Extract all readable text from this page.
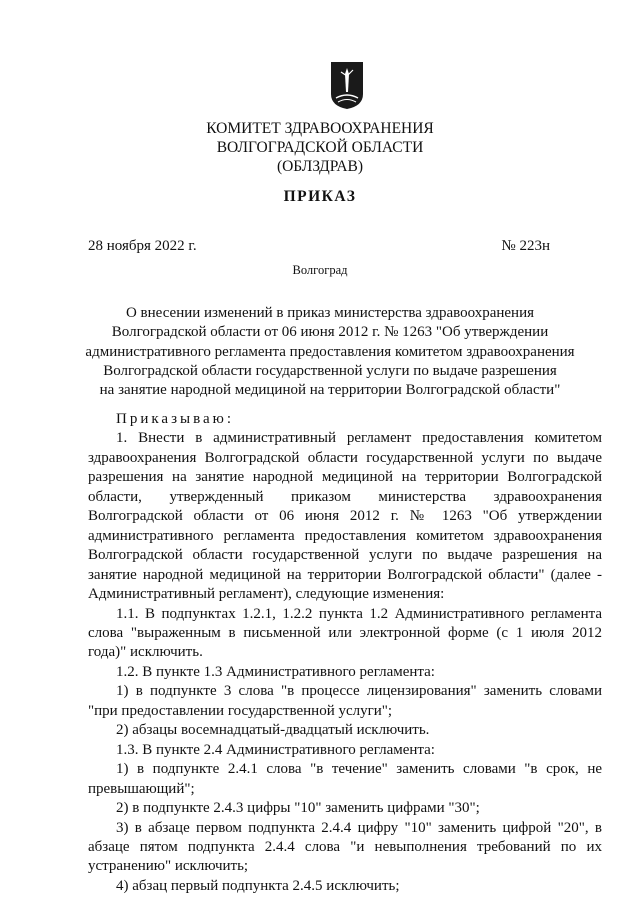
КОМИТЕТ ЗДРАВООХРАНЕНИЯ
ВОЛГОГРАДСКОЙ ОБЛАСТИ
(ОБЛЗДРАВ)
ПРИКАЗ
28 ноября 2022 г.	№ 223н
Волгоград
О внесении изменений в приказ министерства здравоохранения
Волгоградской области от 06 июня 2012 г. № 1263 "Об утверждении
административного регламента предоставления комитетом здравоохранения
Волгоградской области государственной услуги по выдаче разрешения
на занятие народной медициной на территории Волгоградской области"

Приказываю:

1. Внести в административный регламент предоставления комитетом здравоохранения Волгоградской области государственной услуги по выдаче разрешения на занятие народной медициной на территории Волгоградской области, утвержденный приказом министерства здравоохранения Волгоградской области от 06 июня 2012 г. № 1263 "Об утверждении административного регламента предоставления комитетом здравоохранения Волгоградской области государственной услуги по выдаче разрешения на занятие народной медициной на территории Волгоградской области" (далее - Административный регламент), следующие изменения:

1.1. В подпунктах 1.2.1, 1.2.2 пункта 1.2 Административного регламента слова "выраженным в письменной или электронной форме (с 1 июля 2012 года)" исключить.

1.2. В пункте 1.3 Административного регламента:

1) в подпункте 3 слова "в процессе лицензирования" заменить словами "при предоставлении государственной услуги";

2) абзацы восемнадцатый-двадцатый исключить.

1.3. В пункте 2.4 Административного регламента:

1) в подпункте 2.4.1 слова "в течение" заменить словами "в срок, не превышающий";

2) в подпункте 2.4.3 цифры "10" заменить цифрами "30";

3) в абзаце первом подпункта 2.4.4 цифру "10" заменить цифрой "20", в абзаце пятом подпункта 2.4.4 слова "и невыполнения требований по их устранению" исключить;

4) абзац первый подпункта 2.4.5 исключить;
